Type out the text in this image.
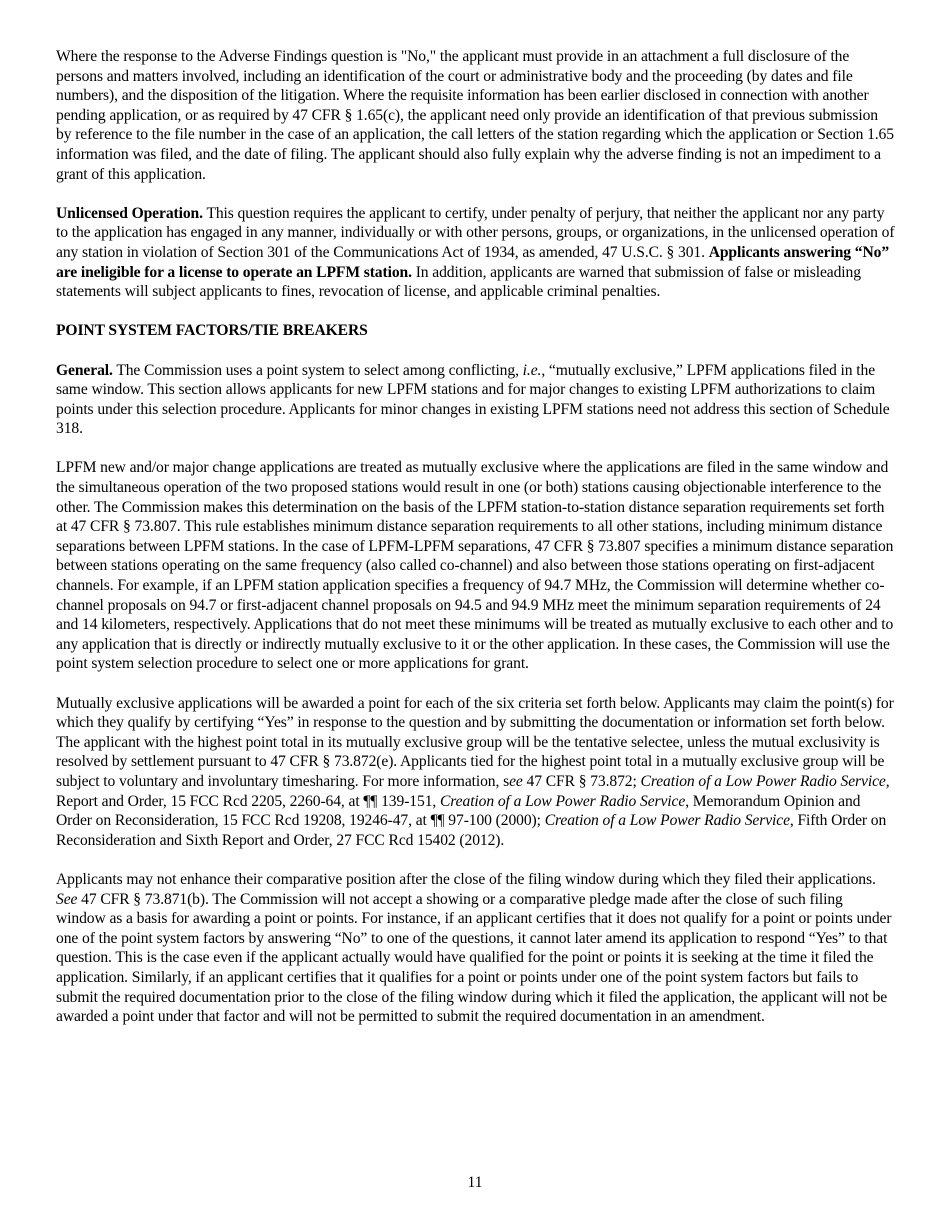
Where the response to the Adverse Findings question is "No," the applicant must provide in an attachment a full disclosure of the persons and matters involved, including an identification of the court or administrative body and the proceeding (by dates and file numbers), and the disposition of the litigation. Where the requisite information has been earlier disclosed in connection with another pending application, or as required by 47 CFR § 1.65(c), the applicant need only provide an identification of that previous submission by reference to the file number in the case of an application, the call letters of the station regarding which the application or Section 1.65 information was filed, and the date of filing. The applicant should also fully explain why the adverse finding is not an impediment to a grant of this application.

Unlicensed Operation. This question requires the applicant to certify, under penalty of perjury, that neither the applicant nor any party to the application has engaged in any manner, individually or with other persons, groups, or organizations, in the unlicensed operation of any station in violation of Section 301 of the Communications Act of 1934, as amended, 47 U.S.C. § 301. Applicants answering “No” are ineligible for a license to operate an LPFM station. In addition, applicants are warned that submission of false or misleading statements will subject applicants to fines, revocation of license, and applicable criminal penalties.

POINT SYSTEM FACTORS/TIE BREAKERS

General. The Commission uses a point system to select among conflicting, i.e., “mutually exclusive,” LPFM applications filed in the same window. This section allows applicants for new LPFM stations and for major changes to existing LPFM authorizations to claim points under this selection procedure. Applicants for minor changes in existing LPFM stations need not address this section of Schedule 318.

LPFM new and/or major change applications are treated as mutually exclusive where the applications are filed in the same window and the simultaneous operation of the two proposed stations would result in one (or both) stations causing objectionable interference to the other. The Commission makes this determination on the basis of the LPFM station-to-station distance separation requirements set forth at 47 CFR § 73.807. This rule establishes minimum distance separation requirements to all other stations, including minimum distance separations between LPFM stations. In the case of LPFM-LPFM separations, 47 CFR § 73.807 specifies a minimum distance separation between stations operating on the same frequency (also called co-channel) and also between those stations operating on first-adjacent channels. For example, if an LPFM station application specifies a frequency of 94.7 MHz, the Commission will determine whether co-channel proposals on 94.7 or first-adjacent channel proposals on 94.5 and 94.9 MHz meet the minimum separation requirements of 24 and 14 kilometers, respectively. Applications that do not meet these minimums will be treated as mutually exclusive to each other and to any application that is directly or indirectly mutually exclusive to it or the other application. In these cases, the Commission will use the point system selection procedure to select one or more applications for grant.

Mutually exclusive applications will be awarded a point for each of the six criteria set forth below. Applicants may claim the point(s) for which they qualify by certifying “Yes” in response to the question and by submitting the documentation or information set forth below. The applicant with the highest point total in its mutually exclusive group will be the tentative selectee, unless the mutual exclusivity is resolved by settlement pursuant to 47 CFR § 73.872(e). Applicants tied for the highest point total in a mutually exclusive group will be subject to voluntary and involuntary timesharing. For more information, see 47 CFR § 73.872; Creation of a Low Power Radio Service, Report and Order, 15 FCC Rcd 2205, 2260-64, at ¶¶ 139-151, Creation of a Low Power Radio Service, Memorandum Opinion and Order on Reconsideration, 15 FCC Rcd 19208, 19246-47, at ¶¶ 97-100 (2000); Creation of a Low Power Radio Service, Fifth Order on Reconsideration and Sixth Report and Order, 27 FCC Rcd 15402 (2012).

Applicants may not enhance their comparative position after the close of the filing window during which they filed their applications. See 47 CFR § 73.871(b). The Commission will not accept a showing or a comparative pledge made after the close of such filing window as a basis for awarding a point or points. For instance, if an applicant certifies that it does not qualify for a point or points under one of the point system factors by answering “No” to one of the questions, it cannot later amend its application to respond “Yes” to that question. This is the case even if the applicant actually would have qualified for the point or points it is seeking at the time it filed the application. Similarly, if an applicant certifies that it qualifies for a point or points under one of the point system factors but fails to submit the required documentation prior to the close of the filing window during which it filed the application, the applicant will not be awarded a point under that factor and will not be permitted to submit the required documentation in an amendment.

11
